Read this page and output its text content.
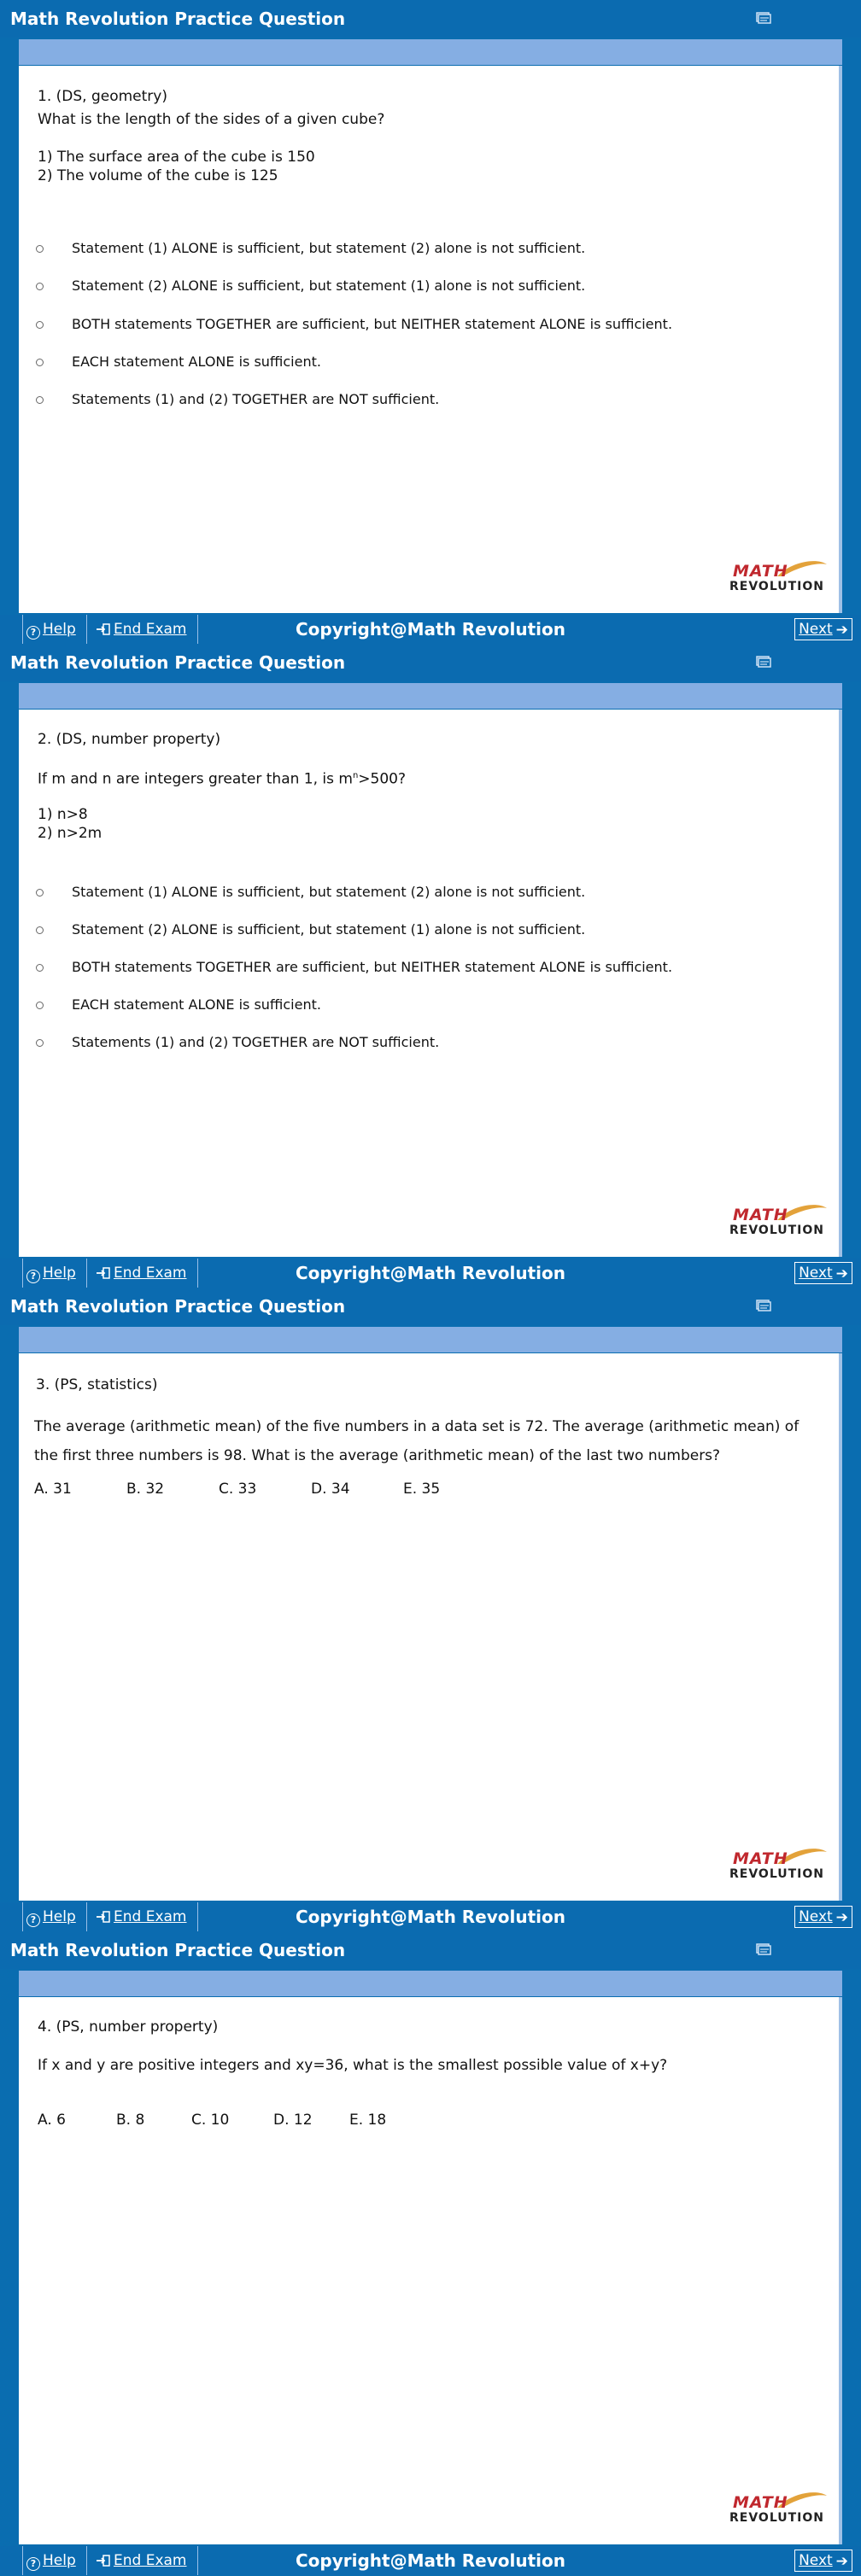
Math Revolution Practice Question
1. (DS, geometry)
What is the length of the sides of a given cube?
1) The surface area of the cube is 150
2) The volume of the cube is 125
Statement (1) ALONE is sufficient, but statement (2) alone is not sufficient.
Statement (2) ALONE is sufficient, but statement (1) alone is not sufficient.
BOTH statements TOGETHER are sufficient, but NEITHER statement ALONE is sufficient.
EACH statement ALONE is sufficient.
Statements (1) and (2) TOGETHER are NOT sufficient.
MATH
REVOLUTION
Copyright@Math Revolution
? Help	End Exam	Next ➔
Math Revolution Practice Question
2. (DS, number property)
If m and n are integers greater than 1, is $m^n>500$?
1) n>8
2) n>2m
Statement (1) ALONE is sufficient, but statement (2) alone is not sufficient.
Statement (2) ALONE is sufficient, but statement (1) alone is not sufficient.
BOTH statements TOGETHER are sufficient, but NEITHER statement ALONE is sufficient.
EACH statement ALONE is sufficient.
Statements (1) and (2) TOGETHER are NOT sufficient.
MATH
REVOLUTION
Copyright@Math Revolution
? Help	End Exam	Next ➔
Math Revolution Practice Question
3. (PS, statistics)

The average (arithmetic mean) of the five numbers in a data set is 72. The average (arithmetic mean) of the first three numbers is 98. What is the average (arithmetic mean) of the last two numbers?

A. 31	B. 32	C. 33	D. 34	E. 35
MATH
REVOLUTION
Copyright@Math Revolution
? Help	End Exam	Next ➔
Math Revolution Practice Question
4. (PS, number property)
If x and y are positive integers and xy=36, what is the smallest possible value of x+y?
A. 6	B. 8	C. 10	D. 12	E. 18
MATH
REVOLUTION
Copyright@Math Revolution
? Help	End Exam	Next ➔
